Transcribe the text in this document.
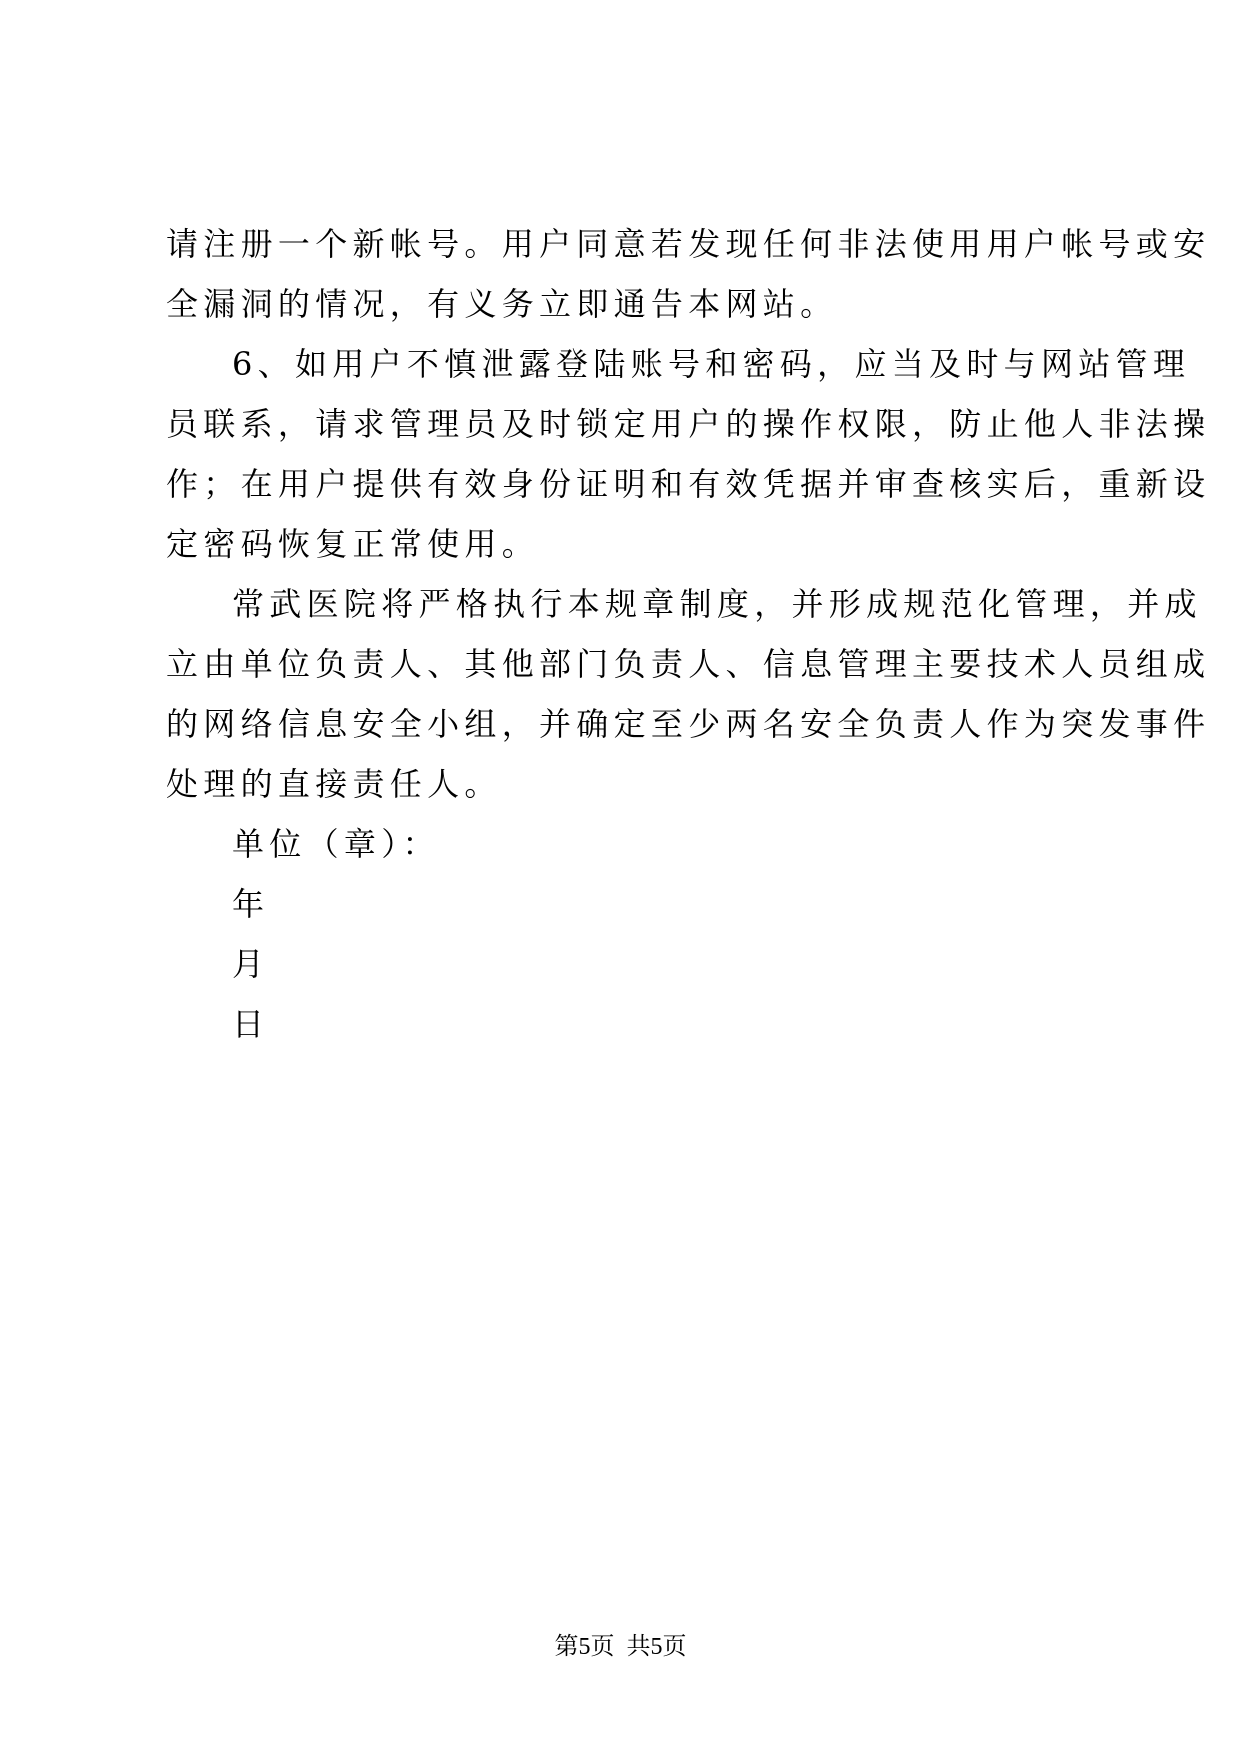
请注册一个新帐号。用户同意若发现任何非法使用用户帐号或安

全漏洞的情况，有义务立即通告本网站。

6、如用户不慎泄露登陆账号和密码，应当及时与网站管理

员联系，请求管理员及时锁定用户的操作权限，防止他人非法操

作；在用户提供有效身份证明和有效凭据并审查核实后，重新设

定密码恢复正常使用。

常武医院将严格执行本规章制度，并形成规范化管理，并成

立由单位负责人、其他部门负责人、信息管理主要技术人员组成

的网络信息安全小组，并确定至少两名安全负责人作为突发事件

处理的直接责任人。

单位（章）：

年

月

日

第5页  共5页
